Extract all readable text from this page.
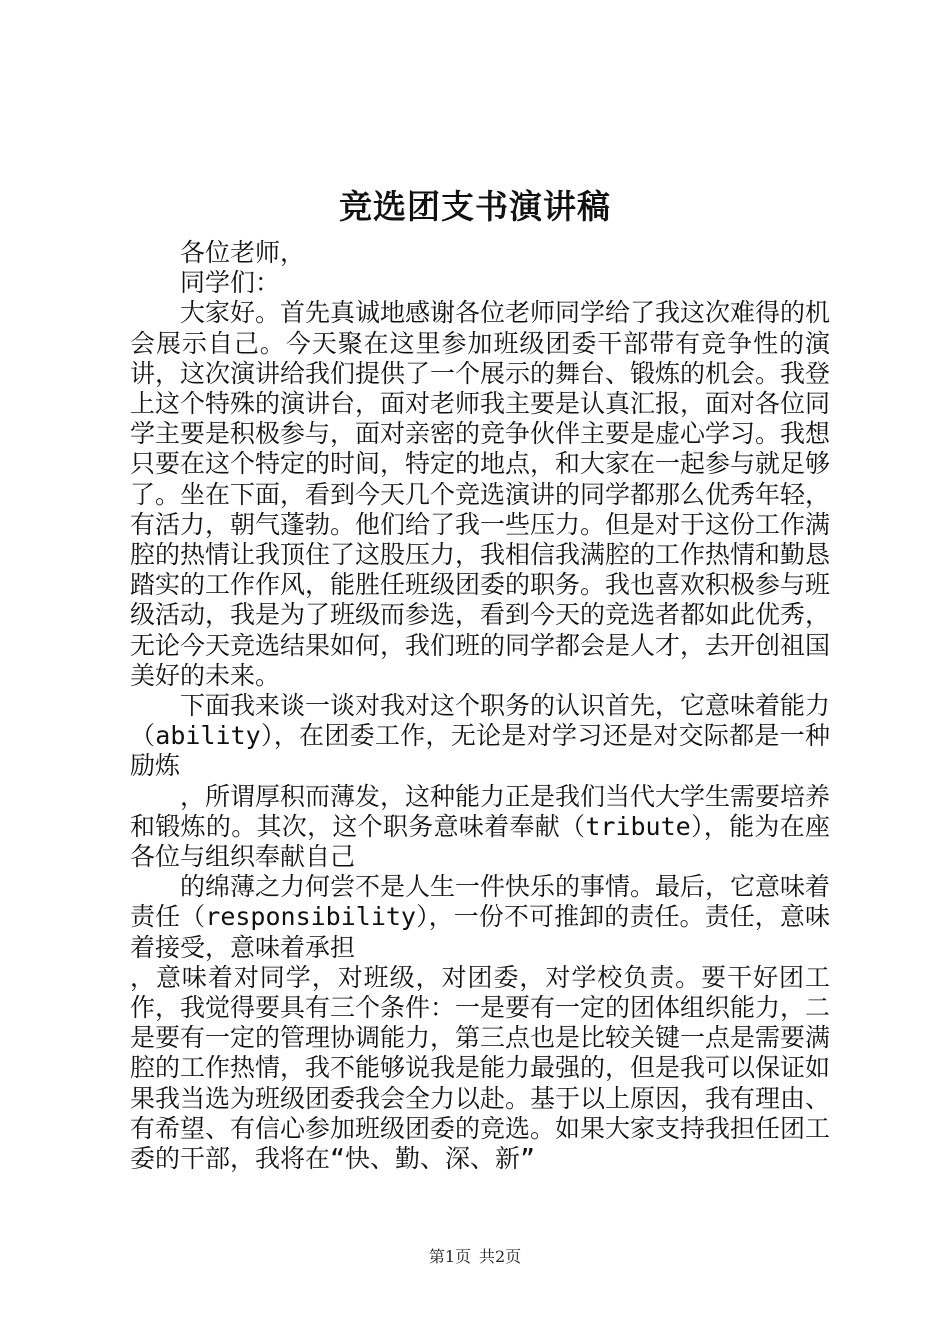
竞选团支书演讲稿

各位老师，

同学们：

大家好。首先真诚地感谢各位老师同学给了我这次难得的机会展示自己。今天聚在这里参加班级团委干部带有竞争性的演讲，这次演讲给我们提供了一个展示的舞台、锻炼的机会。我登上这个特殊的演讲台，面对老师我主要是认真汇报，面对各位同学主要是积极参与，面对亲密的竞争伙伴主要是虚心学习。我想只要在这个特定的时间，特定的地点，和大家在一起参与就足够了。坐在下面，看到今天几个竞选演讲的同学都那么优秀年轻，有活力，朝气蓬勃。他们给了我一些压力。但是对于这份工作满腔的热情让我顶住了这股压力，我相信我满腔的工作热情和勤恳踏实的工作作风，能胜任班级团委的职务。我也喜欢积极参与班级活动，我是为了班级而参选，看到今天的竞选者都如此优秀，无论今天竞选结果如何，我们班的同学都会是人才，去开创祖国美好的未来。

下面我来谈一谈对我对这个职务的认识首先，它意味着能力（ability），在团委工作，无论是对学习还是对交际都是一种励炼

，所谓厚积而薄发，这种能力正是我们当代大学生需要培养和锻炼的。其次，这个职务意味着奉献（tribute），能为在座各位与组织奉献自己

的绵薄之力何尝不是人生一件快乐的事情。最后，它意味着责任（responsibility），一份不可推卸的责任。责任，意味着接受，意味着承担

，意味着对同学，对班级，对团委，对学校负责。要干好团工作，我觉得要具有三个条件：一是要有一定的团体组织能力，二是要有一定的管理协调能力，第三点也是比较关键一点是需要满腔的工作热情，我不能够说我是能力最强的，但是我可以保证如果我当选为班级团委我会全力以赴。基于以上原因，我有理由、有希望、有信心参加班级团委的竞选。如果大家支持我担任团工委的干部，我将在“快、勤、深、新”

第1页 共2页
